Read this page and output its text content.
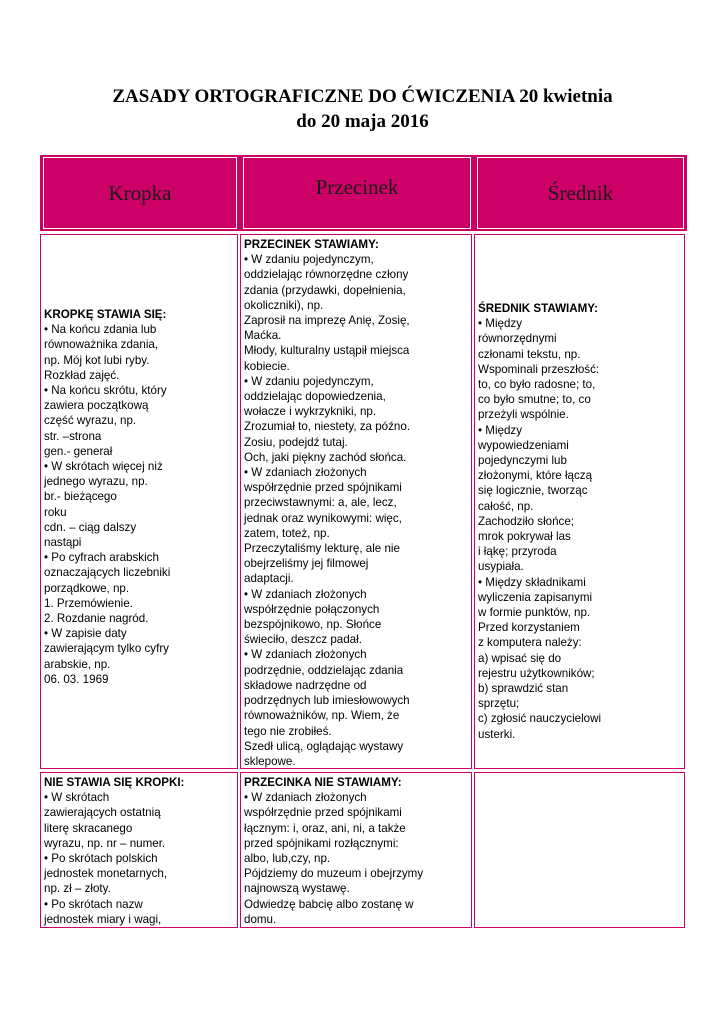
ZASADY ORTOGRAFICZNE DO ĆWICZENIA 20 kwietnia
do 20 maja 2016
Kropka	Przecinek	Średnik
KROPKĘ STAWIA SIĘ:
• Na końcu zdania lub
równoważnika zdania,
np. Mój kot lubi ryby.
Rozkład zajęć.
• Na końcu skrótu, który
zawiera początkową
część wyrazu, np.
str. –strona
gen.- generał
• W skrótach więcej niż
jednego wyrazu, np.
br.- bieżącego
roku
cdn. – ciąg dalszy
nastąpi
• Po cyfrach arabskich
oznaczających liczebniki
porządkowe, np.
1. Przemówienie.
2. Rozdanie nagród.
• W zapisie daty
zawierającym tylko cyfry
arabskie, np.
06. 03. 1969
PRZECINEK STAWIAMY:
• W zdaniu pojedynczym,
oddzielając równorzędne człony
zdania (przydawki, dopełnienia,
okoliczniki), np.
Zaprosił na imprezę Anię, Zosię,
Maćka.
Młody, kulturalny ustąpił miejsca
kobiecie.
• W zdaniu pojedynczym,
oddzielając dopowiedzenia,
wołacze i wykrzykniki, np.
Zrozumiał to, niestety, za późno.
Zosiu, podejdź tutaj.
Och, jaki piękny zachód słońca.
• W zdaniach złożonych
współrzędnie przed spójnikami
przeciwstawnymi: a, ale, lecz,
jednak oraz wynikowymi: więc,
zatem, toteż, np.
Przeczytaliśmy lekturę, ale nie
obejrzeliśmy jej filmowej
adaptacji.
• W zdaniach złożonych
współrzędnie połączonych
bezspójnikowo, np. Słońce
świeciło, deszcz padał.
• W zdaniach złożonych
podrzędnie, oddzielając zdania
składowe nadrzędne od
podrzędnych lub imiesłowowych
równoważników, np. Wiem, że
tego nie zrobiłeś.
Szedł ulicą, oglądając wystawy
sklepowe.
ŚREDNIK STAWIAMY:
• Między
równorzędnymi
członami tekstu, np.
Wspominali przeszłość:
to, co było radosne; to,
co było smutne; to, co
przeżyli wspólnie.
• Między
wypowiedzeniami
pojedynczymi lub
złożonymi, które łączą
się logicznie, tworząc
całość, np.
Zachodziło słońce;
mrok pokrywał las
i łąkę; przyroda
usypiała.
• Między składnikami
wyliczenia zapisanymi
w formie punktów, np.
Przed korzystaniem
z komputera należy:
a) wpisać się do
rejestru użytkowników;
b) sprawdzić stan
sprzętu;
c) zgłosić nauczycielowi
usterki.
NIE STAWIA SIĘ KROPKI:
• W skrótach
zawierających ostatnią
literę skracanego
wyrazu, np. nr – numer.
• Po skrótach polskich
jednostek monetarnych,
np. zł – złoty.
• Po skrótach nazw
jednostek miary i wagi,
PRZECINKA NIE STAWIAMY:
• W zdaniach złożonych
współrzędnie przed spójnikami
łącznym: i, oraz, ani, ni, a także
przed spójnikami rozłącznymi:
albo, lub,czy, np.
Pójdziemy do muzeum i obejrzymy
najnowszą wystawę.
Odwiedzę babcię albo zostanę w
domu.
